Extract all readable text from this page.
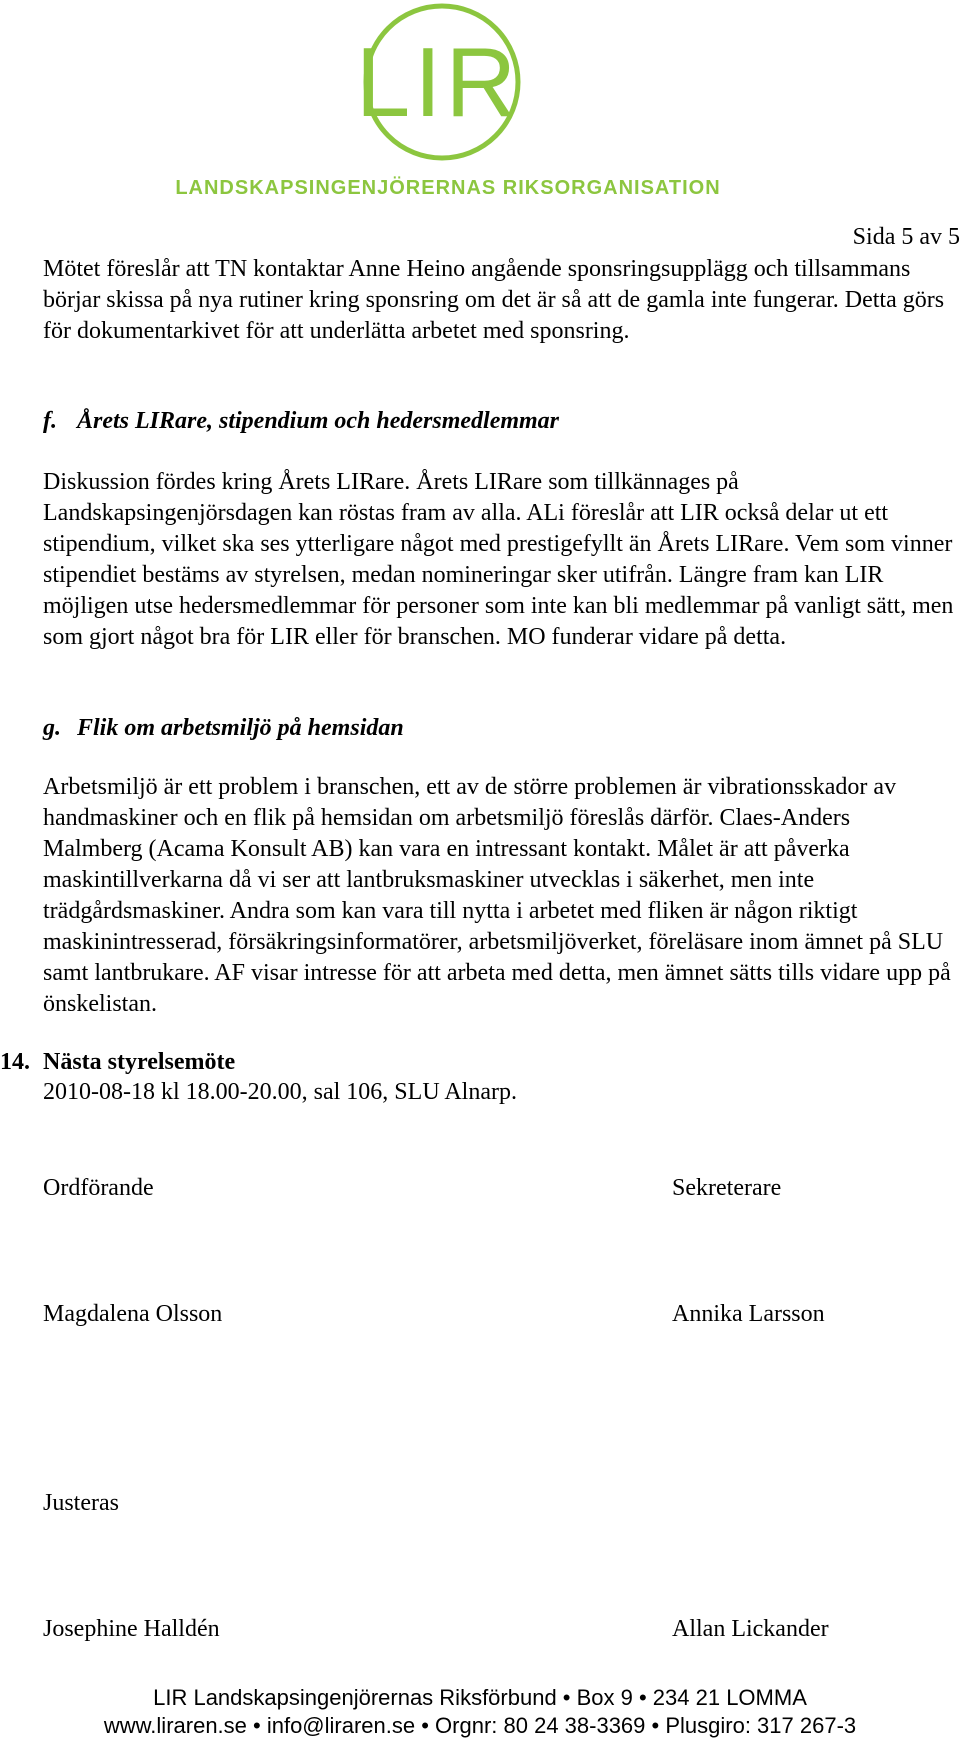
LIR
LANDSKAPSINGENJÖRERNAS RIKSORGANISATION
Sida 5 av 5

Mötet föreslår att TN kontaktar Anne Heino angående sponsringsupplägg och tillsammans börjar skissa på nya rutiner kring sponsring om det är så att de gamla inte fungerar. Detta görs för dokumentarkivet för att underlätta arbetet med sponsring.

f. Årets LIRare, stipendium och hedersmedlemmar

Diskussion fördes kring Årets LIRare. Årets LIRare som tillkännages på Landskapsingenjörsdagen kan röstas fram av alla. ALi föreslår att LIR också delar ut ett stipendium, vilket ska ses ytterligare något med prestigefyllt än Årets LIRare. Vem som vinner stipendiet bestäms av styrelsen, medan nomineringar sker utifrån. Längre fram kan LIR möjligen utse hedersmedlemmar för personer som inte kan bli medlemmar på vanligt sätt, men som gjort något bra för LIR eller för branschen. MO funderar vidare på detta.

g. Flik om arbetsmiljö på hemsidan

Arbetsmiljö är ett problem i branschen, ett av de större problemen är vibrationsskador av handmaskiner och en flik på hemsidan om arbetsmiljö föreslås därför. Claes-Anders Malmberg (Acama Konsult AB) kan vara en intressant kontakt. Målet är att påverka maskintillverkarna då vi ser att lantbruksmaskiner utvecklas i säkerhet, men inte trädgårdsmaskiner. Andra som kan vara till nytta i arbetet med fliken är någon riktigt maskinintresserad, försäkringsinformatörer, arbetsmiljöverket, föreläsare inom ämnet på SLU samt lantbrukare. AF visar intresse för att arbeta med detta, men ämnet sätts tills vidare upp på önskelistan.

14. Nästa styrelsemöte
2010-08-18 kl 18.00-20.00, sal 106, SLU Alnarp.
Ordförande	Sekreterare
Magdalena Olsson	Annika Larsson
Justeras
Josephine Halldén	Allan Lickander
LIR Landskapsingenjörernas Riksförbund • Box 9 • 234 21 LOMMA
www.liraren.se • info@liraren.se • Orgnr: 80 24 38-3369 • Plusgiro: 317 267-3
